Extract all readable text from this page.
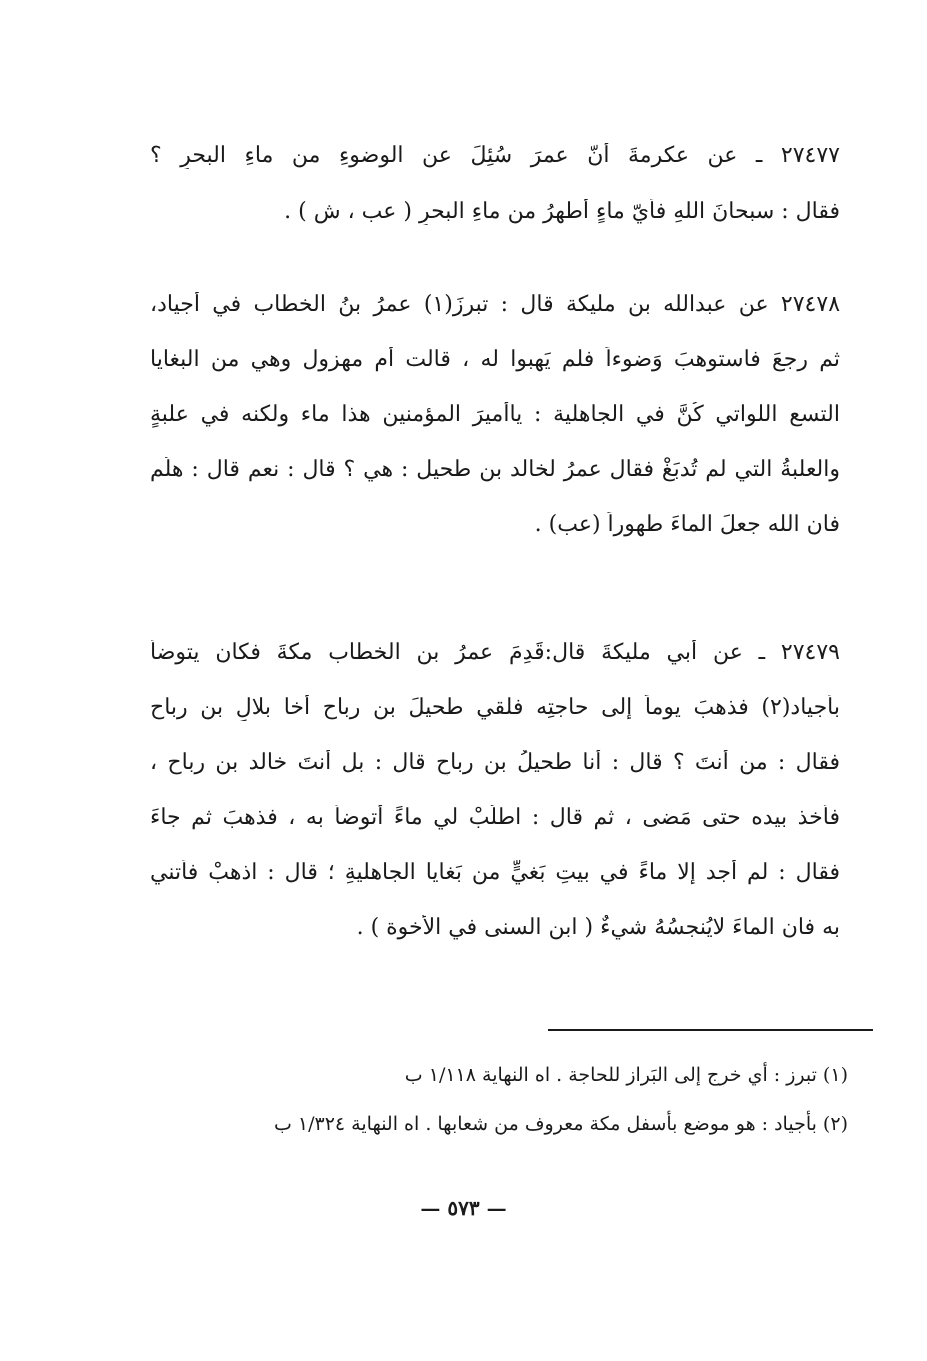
٢٧٤٧٧ ـ عن عكرمةَ أنّ عمرَ سُئِلَ عن الوضوءِ من ماءِ البحرِ ؟
فقال : سبحانَ اللهِ فأيّ ماءٍ أطهرُ من ماءِ البحرِ ( عب ، ش ) .
٢٧٤٧٨ عن عبدالله بن مليكة قال : تبرزَ(١) عمرُ بنُ الخطاب في أجياد،
ثم رجعَ فاستوهبَ وَضوءاً فلم يَهبوا له ، قالت أم مهزول وهي من البغايا
التسع اللواتي كُنَّ في الجاهلية : ياأميرَ المؤمنين هذا ماء ولكنه في علبةٍ
والعلبةُ التي لم تُدبَغْ فقال عمرُ لخالد بن طحيل : هي ؟ قال : نعم قال : هلُم
فان الله جعلَ الماءَ طهوراً (عب) .
٢٧٤٧٩ ـ عن أبي مليكةَ قال:قَدِمَ عمرُ بن الخطاب مكةَ فكان يتوضأ
بأجياد(٢) فذهبَ يوماً إلى حاجتِه فلقي طحيلَ بن رباح أخا بلالِ بن رباح
فقال : من أنتَ ؟ قال : أنا طحيلُ بن رباحٍ قال : بل أنتَ خالد بن رباح ،
فأخذ بيده حتى مَضى ، ثم قال : اطلُبْ لي ماءً أتوضأ به ، فذهبَ ثم جاءَ
فقال : لم أجد إلا ماءً في بيتِ بَغيٍّ من بَغايا الجاهليةِ ؛ قال : اذهبْ فأتني
به فان الماءَ لايُنجسُهُ شيءٌ ( ابن السنى في الأخوة ) .
(١) تبرز : أي خرج إلى البَراز للحاجة . اه النهاية ١/١١٨ ب
(٢) بأجياد : هو موضع بأسفل مكة معروف من شعابها . اه النهاية ١/٣٢٤ ب
— ٥٧٣ —
